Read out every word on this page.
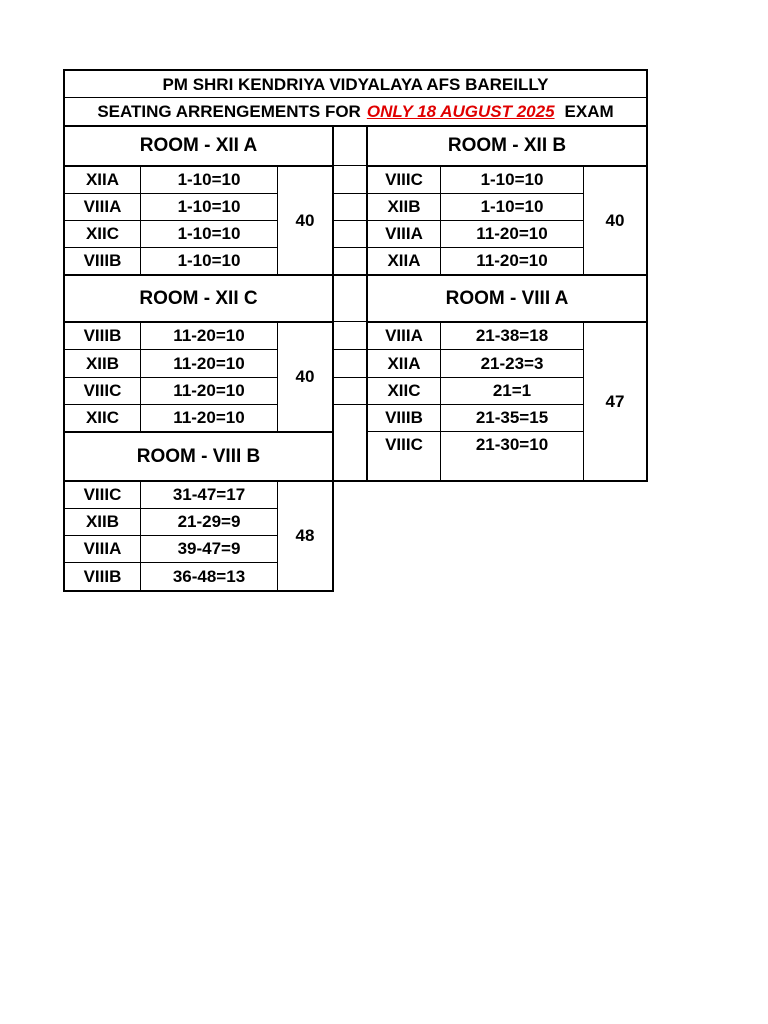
PM SHRI KENDRIYA VIDYALAYA AFS BAREILLY
SEATING ARRENGEMENTS FOR ONLY 18 AUGUST 2025 EXAM
ROOM - XII A
XIIA	1-10=10
VIIIA	1-10=10
XIIC	1-10=10
VIIIB	1-10=10
40
ROOM - XII B
VIIIC	1-10=10
XIIB	1-10=10
VIIIA	11-20=10
XIIA	11-20=10
40
ROOM - XII C
VIIIB	11-20=10
XIIB	11-20=10
VIIIC	11-20=10
XIIC	11-20=10
40
ROOM - VIII A
VIIIA	21-38=18
XIIA	21-23=3
XIIC	21=1
VIIIB	21-35=15
VIIIC	21-30=10
47
ROOM - VIII B
VIIIC	31-47=17
XIIB	21-29=9
VIIIA	39-47=9
VIIIB	36-48=13
48
